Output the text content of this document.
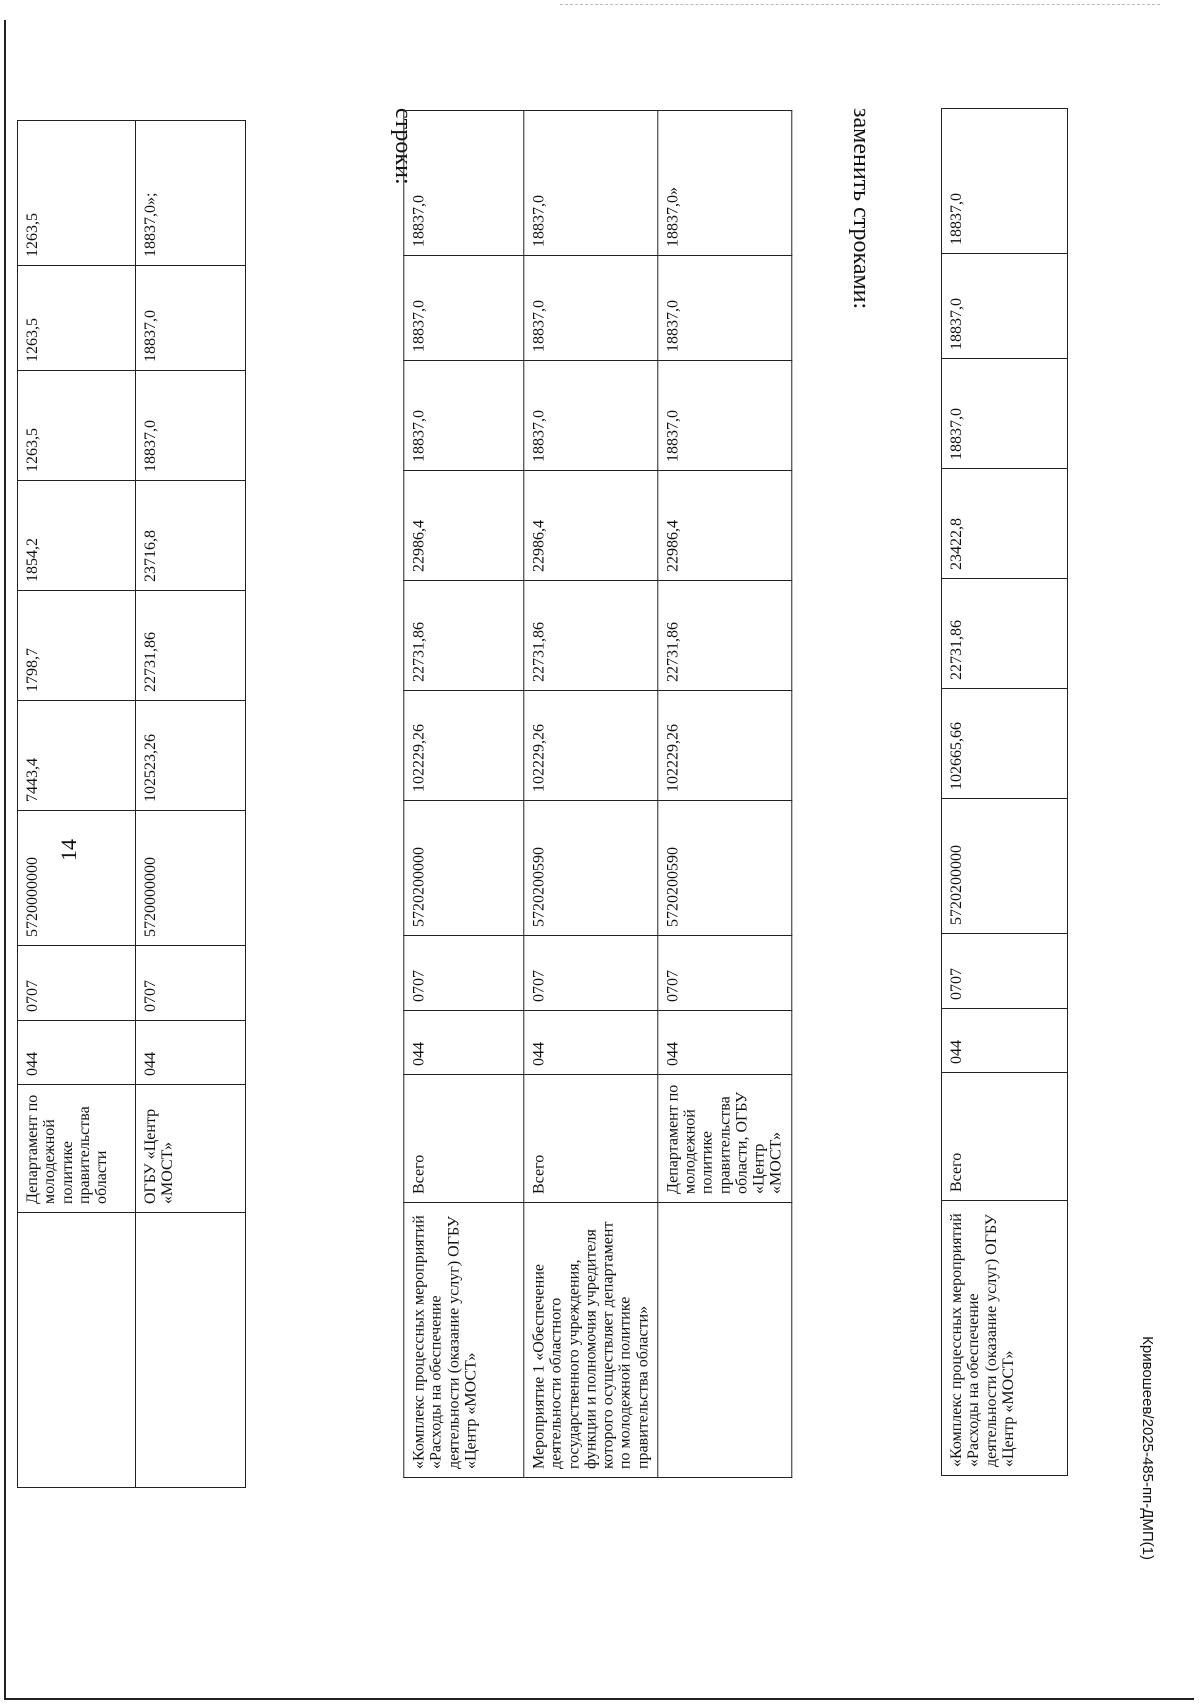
14
	Департамент по молодежной политике правительства области	044	0707	5720000000	7443,4	1798,7	1854,2	1263,5	1263,5	1263,5
	ОГБУ «Центр «МОСТ»	044	0707	5720000000	102523,26	22731,86	23716,8	18837,0	18837,0	18837,0»;
строки:
«Комплекс процессных мероприятий «Расходы на обеспечение деятельности (оказание услуг) ОГБУ «Центр «МОСТ»	Всего	044	0707	5720200000	102229,26	22731,86	22986,4	18837,0	18837,0	18837,0
Мероприятие 1 «Обеспечение деятельности областного государственного учреждения, функции и полномочия учредителя которого осуществляет департамент по молодежной политике правительства области»	Всего	044	0707	5720200590	102229,26	22731,86	22986,4	18837,0	18837,0	18837,0
	Департамент по молодежной политике правительства области, ОГБУ «Центр «МОСТ»	044	0707	5720200590	102229,26	22731,86	22986,4	18837,0	18837,0	18837,0»	заменить строками:
«Комплекс процессных мероприятий «Расходы на обеспечение деятельности (оказание услуг) ОГБУ «Центр «МОСТ»	Всего	044	0707	5720200000	102665,66	22731,86	23422,8	18837,0	18837,0	18837,0
Кривошеев/2025-485-пп-ДМП(1)
